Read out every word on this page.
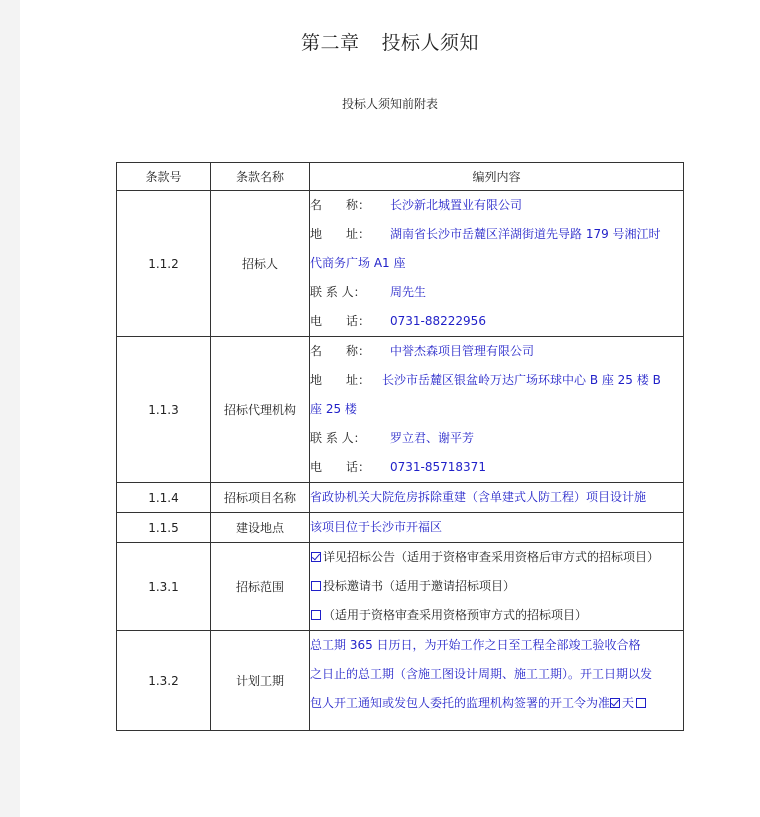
第二章 投标人须知
投标人须知前附表
条款号	条款名称	编列内容
1.1.2	招标人	名　　称： 长沙新北城置业有限公司
地　　址： 湖南省长沙市岳麓区洋湖街道先导路 179 号湘江时
代商务广场 A1 座
联 系 人： 周先生
电　　话： 0731-88222956

1.1.3	招标代理机构	名　　称： 中誉杰森项目管理有限公司
地　　址： 长沙市岳麓区银盆岭万达广场环球中心 B 座 25 楼 B
座 25 楼
联 系 人： 罗立君、谢平芳
电　　话： 0731-85718371

1.1.4	招标项目名称	省政协机关大院危房拆除重建（含单建式人防工程）项目设计施

1.1.5	建设地点	该项目位于长沙市开福区

1.3.1	招标范围	详见招标公告（适用于资格审查采用资格后审方式的招标项目）
投标邀请书（适用于邀请招标项目）
（适用于资格审查采用资格预审方式的招标项目）

1.3.2	计划工期	总工期 365 日历日，为开始工作之日至工程全部竣工验收合格
之日止的总工期（含施工图设计周期、施工工期）。开工日期以发
包人开工通知或发包人委托的监理机构签署的开工令为准 天
